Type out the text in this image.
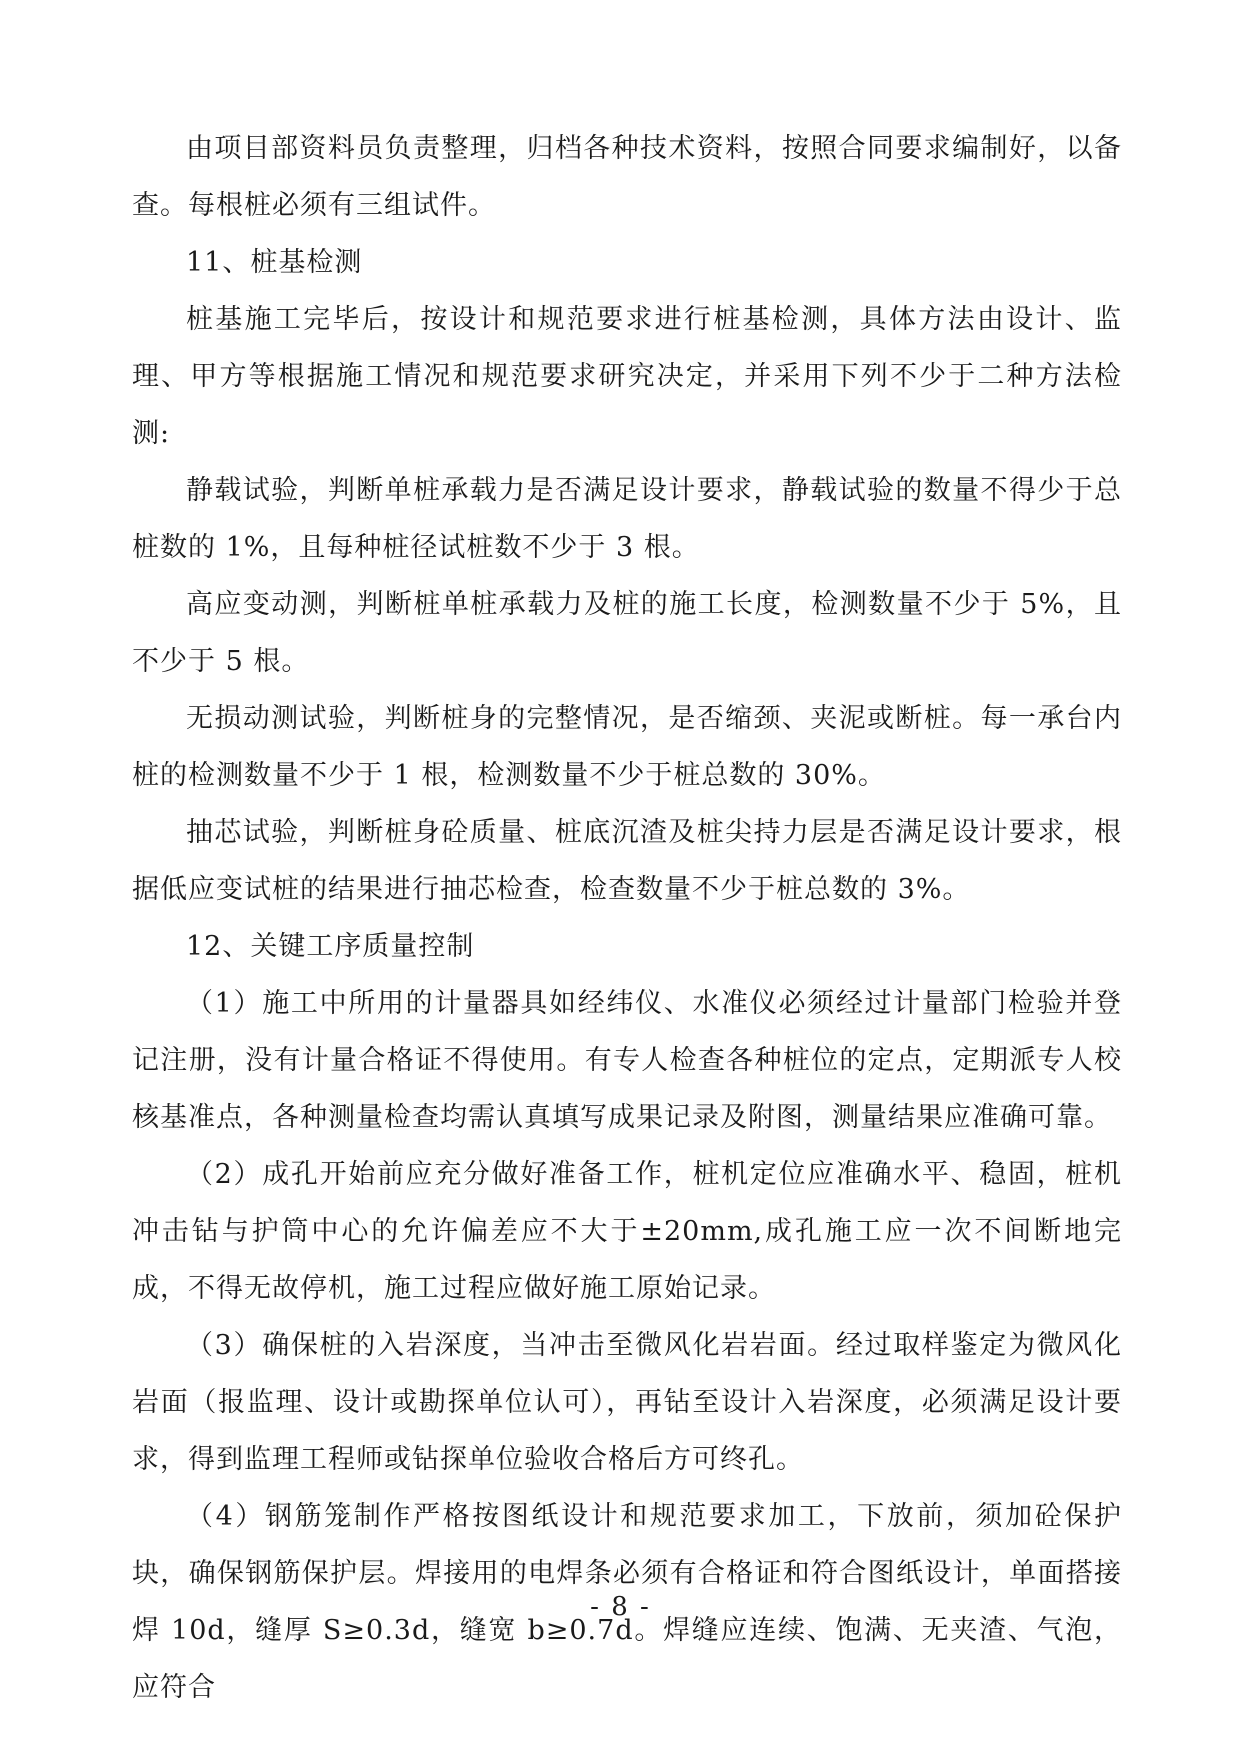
由项目部资料员负责整理，归档各种技术资料，按照合同要求编制好，以备查。每根桩必须有三组试件。

11、桩基检测

桩基施工完毕后，按设计和规范要求进行桩基检测，具体方法由设计、监理、甲方等根据施工情况和规范要求研究决定，并采用下列不少于二种方法检测:

静载试验，判断单桩承载力是否满足设计要求，静载试验的数量不得少于总桩数的 1%，且每种桩径试桩数不少于 3 根。

高应变动测，判断桩单桩承载力及桩的施工长度，检测数量不少于 5%，且不少于 5 根。

无损动测试验，判断桩身的完整情况，是否缩颈、夹泥或断桩。每一承台内桩的检测数量不少于 1 根，检测数量不少于桩总数的 30%。

抽芯试验，判断桩身砼质量、桩底沉渣及桩尖持力层是否满足设计要求，根据低应变试桩的结果进行抽芯检查，检查数量不少于桩总数的 3%。

12、关键工序质量控制

（1）施工中所用的计量器具如经纬仪、水准仪必须经过计量部门检验并登记注册，没有计量合格证不得使用。有专人检查各种桩位的定点，定期派专人校核基准点，各种测量检查均需认真填写成果记录及附图，测量结果应准确可靠。

（2）成孔开始前应充分做好准备工作，桩机定位应准确水平、稳固，桩机冲击钻与护筒中心的允许偏差应不大于±20mm,成孔施工应一次不间断地完成，不得无故停机，施工过程应做好施工原始记录。

（3）确保桩的入岩深度，当冲击至微风化岩岩面。经过取样鉴定为微风化岩面（报监理、设计或勘探单位认可），再钻至设计入岩深度，必须满足设计要求，得到监理工程师或钻探单位验收合格后方可终孔。

（4）钢筋笼制作严格按图纸设计和规范要求加工，下放前，须加砼保护块，确保钢筋保护层。焊接用的电焊条必须有合格证和符合图纸设计，单面搭接焊 10d，缝厚 S≥0.3d，缝宽 b≥0.7d。焊缝应连续、饱满、无夹渣、气泡，应符合

- 8 -
